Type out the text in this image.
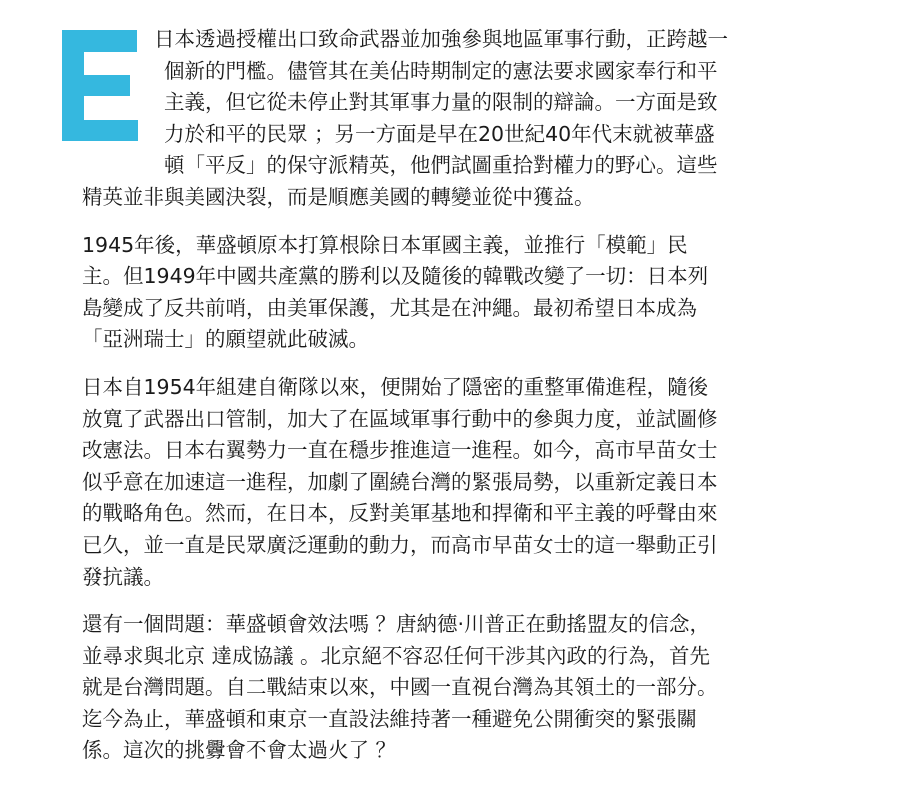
日本透過授權出口致命武器並加強參與地區軍事行動，正跨越一
個新的門檻。儘管其在美佔時期制定的憲法要求國家奉行和平
主義，但它從未停止對其軍事力量的限制的辯論。一方面是致
力於和平的民眾 ；另一方面是早在20世紀40年代末就被華盛
頓「平反」的保守派精英，他們試圖重拾對權力的野心。這些
精英並非與美國決裂，而是順應美國的轉變並從中獲益。
1945年後，華盛頓原本打算根除日本軍國主義，並推行「模範」民
主。但1949年中國共產黨的勝利以及隨後的韓戰改變了一切：日本列
島變成了反共前哨，由美軍保護，尤其是在沖繩。最初希望日本成為
「亞洲瑞士」的願望就此破滅。
日本自1954年組建自衛隊以來，便開始了隱密的重整軍備進程，隨後
放寬了武器出口管制，加大了在區域軍事行動中的參與力度，並試圖修
改憲法。日本右翼勢力一直在穩步推進這一進程。如今，高市早苗女士
似乎意在加速這一進程，加劇了圍繞台灣的緊張局勢，以重新定義日本
的戰略角色。然而，在日本，反對美軍基地和捍衛和平主義的呼聲由來
已久，並一直是民眾廣泛運動的動力，而高市早苗女士的這一舉動正引
發抗議。
還有一個問題：華盛頓會效法嗎 ？唐納德·川普正在動搖盟友的信念，
並尋求與北京 達成協議 。北京絕不容忍任何干涉其內政的行為，首先
就是台灣問題。自二戰結束以來，中國一直視台灣為其領土的一部分。
迄今為止，華盛頓和東京一直設法維持著一種避免公開衝突的緊張關
係。這次的挑釁會不會太過火了 ？
